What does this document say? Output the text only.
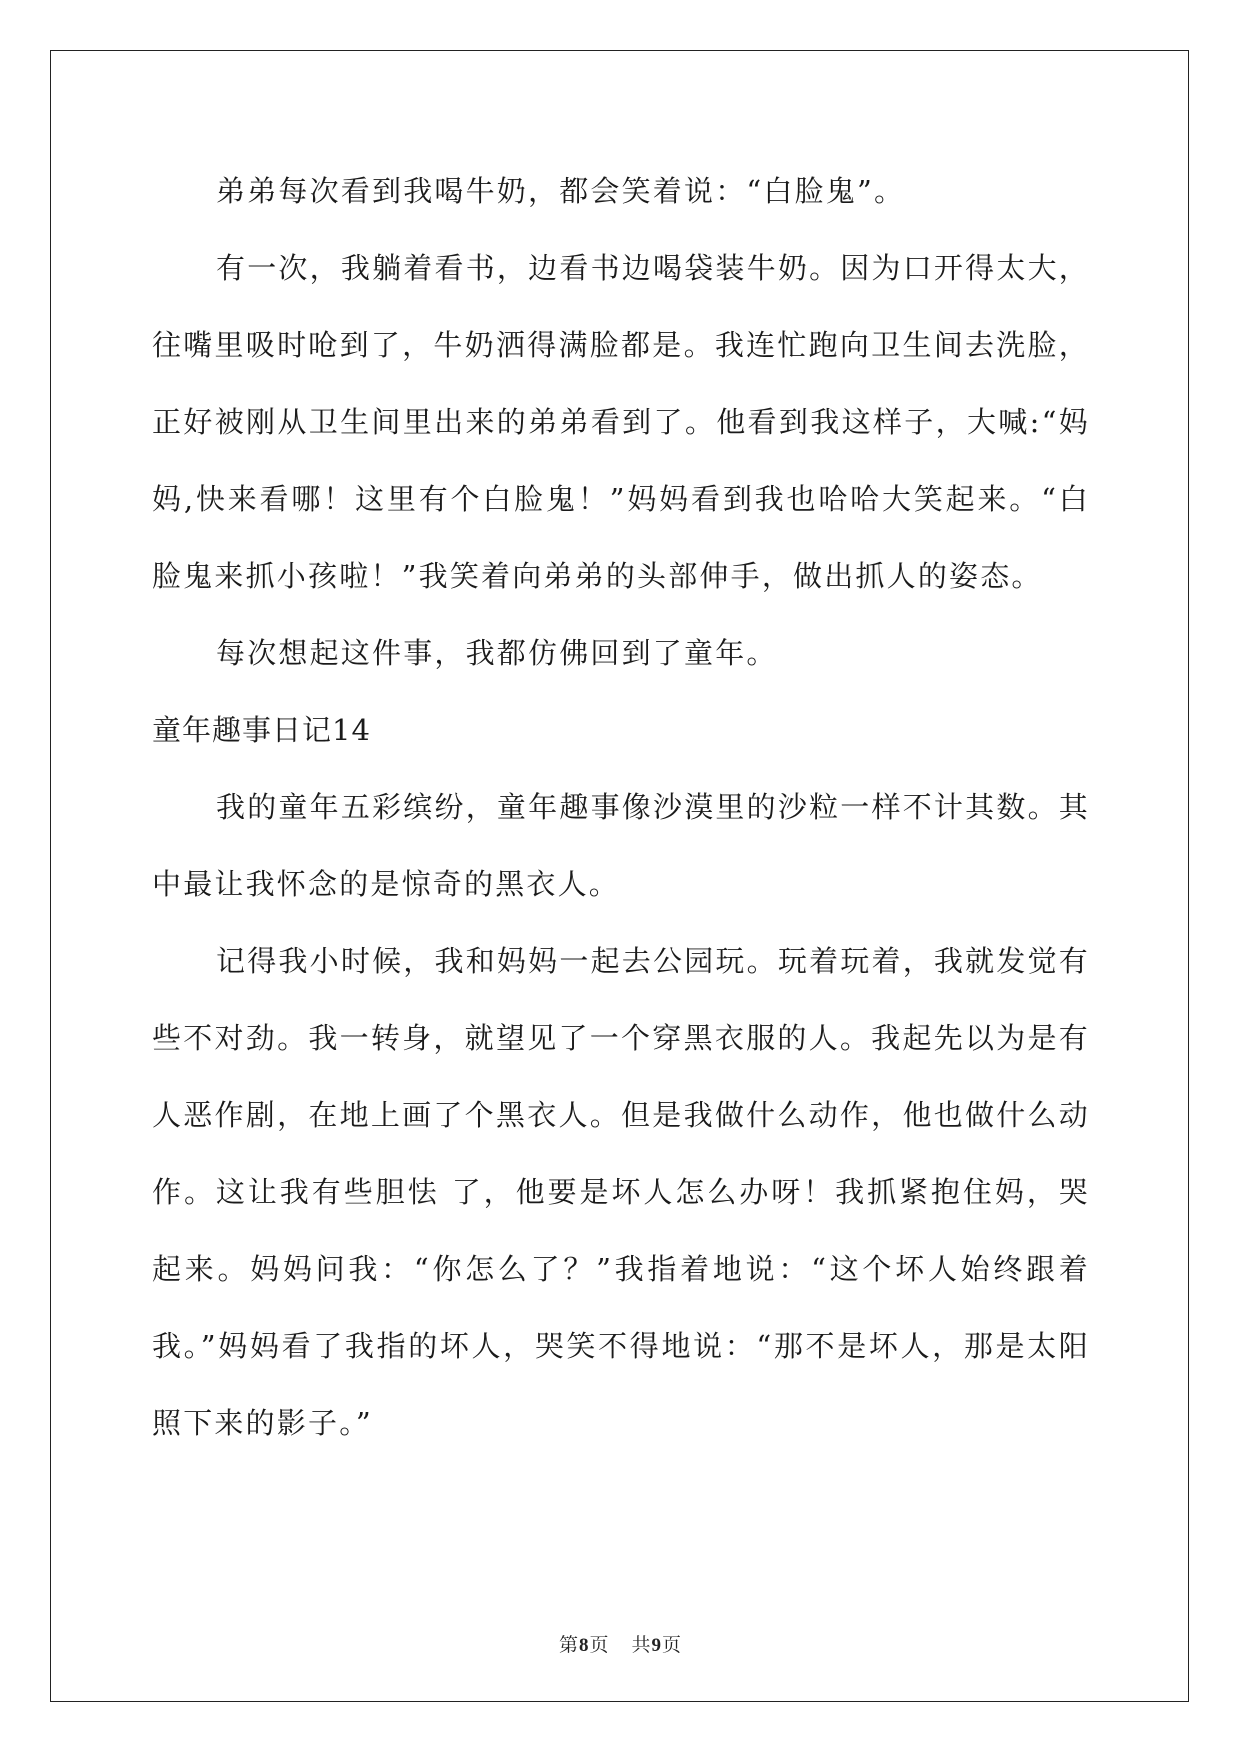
弟弟每次看到我喝牛奶，都会笑着说：“白脸鬼”。

有一次，我躺着看书，边看书边喝袋装牛奶。因为口开得太大，往嘴里吸时呛到了，牛奶洒得满脸都是。我连忙跑向卫生间去洗脸，正好被刚从卫生间里出来的弟弟看到了。他看到我这样子，大喊:“妈妈,快来看哪！这里有个白脸鬼！”妈妈看到我也哈哈大笑起来。“白脸鬼来抓小孩啦！”我笑着向弟弟的头部伸手，做出抓人的姿态。

每次想起这件事，我都仿佛回到了童年。

童年趣事日记14

我的童年五彩缤纷，童年趣事像沙漠里的沙粒一样不计其数。其中最让我怀念的是惊奇的黑衣人。

记得我小时候，我和妈妈一起去公园玩。玩着玩着，我就发觉有些不对劲。我一转身，就望见了一个穿黑衣服的人。我起先以为是有人恶作剧，在地上画了个黑衣人。但是我做什么动作，他也做什么动作。这让我有些胆怯 了，他要是坏人怎么办呀！我抓紧抱住妈，哭起来。妈妈问我：“你怎么了？”我指着地说：“这个坏人始终跟着我。”妈妈看了我指的坏人，哭笑不得地说：“那不是坏人，那是太阳照下来的影子。”

第8页 共9页
